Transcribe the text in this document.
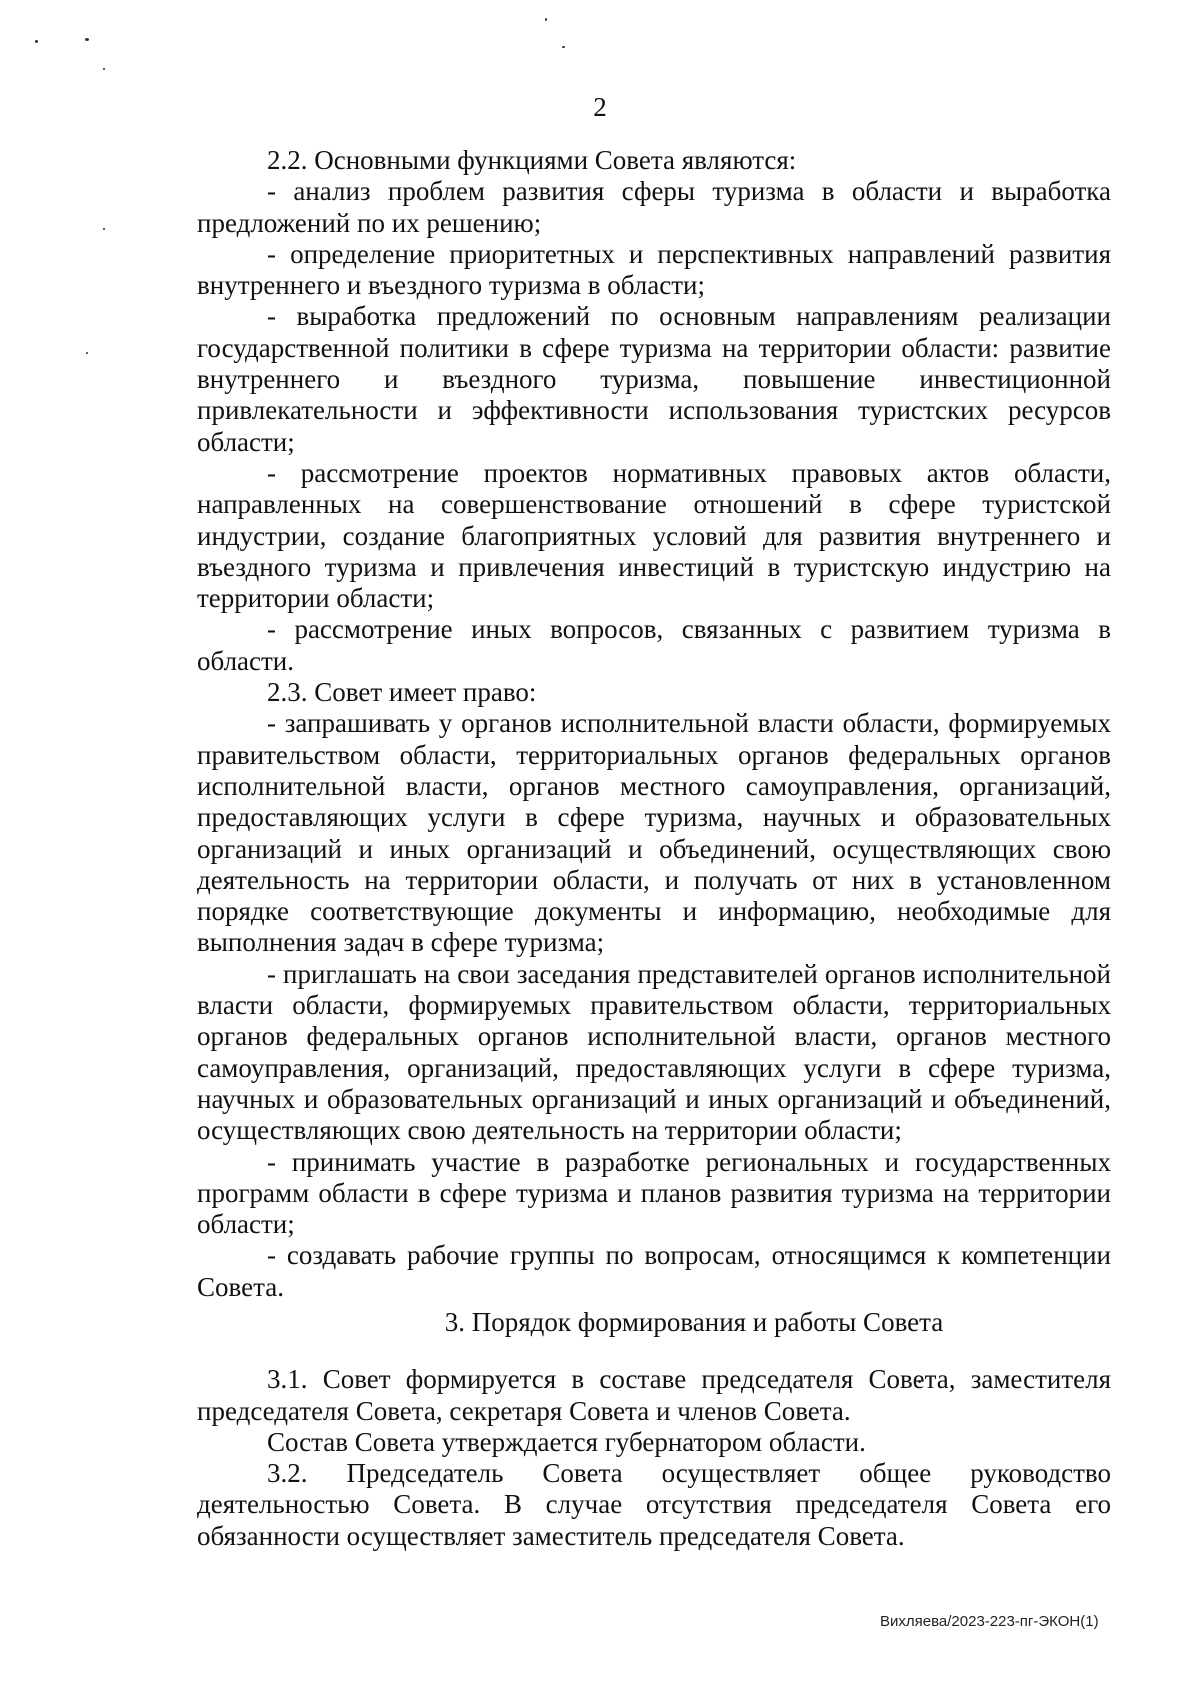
2

2.2. Основными функциями Совета являются:

- анализ проблем развития сферы туризма в области и выработка предложений по их решению;

- определение приоритетных и перспективных направлений развития внутреннего и въездного туризма в области;

- выработка предложений по основным направлениям реализации государственной политики в сфере туризма на территории области: развитие внутреннего и въездного туризма, повышение инвестиционной привлекательности и эффективности использования туристских ресурсов области;

- рассмотрение проектов нормативных правовых актов области, направленных на совершенствование отношений в сфере туристской индустрии, создание благоприятных условий для развития внутреннего и въездного туризма и привлечения инвестиций в туристскую индустрию на территории области;

- рассмотрение иных вопросов, связанных с развитием туризма в области.

2.3. Совет имеет право:

- запрашивать у органов исполнительной власти области, формируемых правительством области, территориальных органов федеральных органов исполнительной власти, органов местного самоуправления, организаций, предоставляющих услуги в сфере туризма, научных и образовательных организаций и иных организаций и объединений, осуществляющих свою деятельность на территории области, и получать от них в установленном порядке соответствующие документы и информацию, необходимые для выполнения задач в сфере туризма;

- приглашать на свои заседания представителей органов исполнительной власти области, формируемых правительством области, территориальных органов федеральных органов исполнительной власти, органов местного самоуправления, организаций, предоставляющих услуги в сфере туризма, научных и образовательных организаций и иных организаций и объединений, осуществляющих свою деятельность на территории области;

- принимать участие в разработке региональных и государственных программ области в сфере туризма и планов развития туризма на территории области;

- создавать рабочие группы по вопросам, относящимся к компетенции Совета.

3. Порядок формирования и работы Совета

3.1. Совет формируется в составе председателя Совета, заместителя председателя Совета, секретаря Совета и членов Совета.

Состав Совета утверждается губернатором области.

3.2. Председатель Совета осуществляет общее руководство деятельностью Совета. В случае отсутствия председателя Совета его обязанности осуществляет заместитель председателя Совета.

Вихляева/2023-223-пг-ЭКОН(1)
